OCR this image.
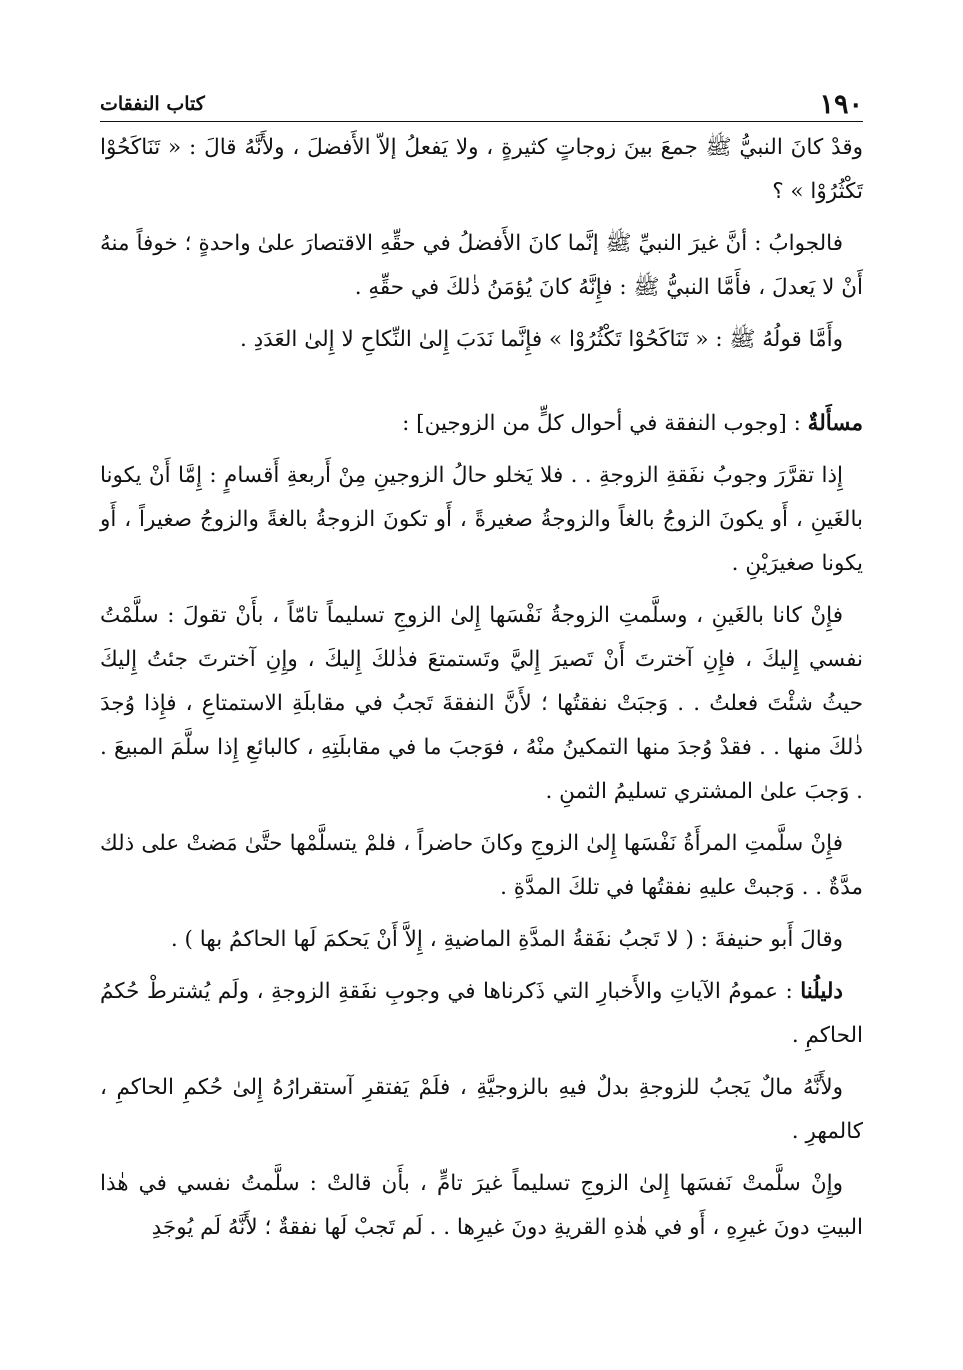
١٩٠
كتاب النفقات

وقدْ كانَ النبيُّ ﷺ جمعَ بينَ زوجاتٍ كثيرةٍ ، ولا يَفعلُ إلاّ الأَفضلَ ، ولأَنَّهُ قالَ : « تَنَاكَحُوْا تَكْثُرُوْا » ؟

فالجوابُ : أنَّ غيرَ النبيِّ ﷺ إنَّما كانَ الأَفضلُ في حقِّهِ الاقتصارَ علىٰ واحدةٍ ؛ خوفاً منهُ أَنْ لا يَعدلَ ، فأَمَّا النبيُّ ﷺ : فإِنَّهُ كانَ يُؤمَنُ ذٰلكَ في حقِّهِ .

وأَمَّا قولُهُ ﷺ : « تَنَاكَحُوْا تَكْثُرُوْا » فإِنَّما نَدَبَ إِلىٰ النِّكاحِ لا إِلىٰ العَدَدِ .

مسأَلةٌ : [وجوب النفقة في أحوال كلٍّ من الزوجين] :

إِذا تقرَّرَ وجوبُ نفَقةِ الزوجةِ . . فلا يَخلو حالُ الزوجينِ مِنْ أَربعةِ أَقسامٍ : إِمَّا أَنْ يكونا بالغَينِ ، أَو يكونَ الزوجُ بالغاً والزوجةُ صغيرةً ، أَو تكونَ الزوجةُ بالغةً والزوجُ صغيراً ، أَو يكونا صغيرَيْنِ .

فإِنْ كانا بالغَينِ ، وسلَّمتِ الزوجةُ نَفْسَها إِلىٰ الزوجِ تسليماً تامّاً ، بأَنْ تقولَ : سلَّمْتُ نفسي إِليكَ ، فإِنِ آخترتَ أَنْ تَصيرَ إِليَّ وتَستمتعَ فذٰلكَ إِليكَ ، وإِنِ آخترتَ جئتُ إِليكَ حيثُ شئْتَ فعلتُ . . وَجبَتْ نفقتُها ؛ لأَنَّ النفقةَ تَجبُ في مقابلَةِ الاستمتاعِ ، فإِذا وُجدَ ذٰلكَ منها . . فقدْ وُجدَ منها التمكينُ منْهُ ، فوَجبَ ما في مقابلَتِهِ ، كالبائعِ إِذا سلَّمَ المبيعَ . . وَجبَ علىٰ المشتري تسليمُ الثمنِ .

فإِنْ سلَّمتِ المرأَةُ نَفْسَها إِلىٰ الزوجِ وكانَ حاضراً ، فلمْ يتسلَّمْها حتَّىٰ مَضتْ على ذلك مدَّةٌ . . وَجبتْ عليهِ نفقتُها في تلكَ المدَّةِ .

وقالَ أَبو حنيفةَ : ( لا تَجبُ نفَقةُ المدَّةِ الماضيةِ ، إِلاَّ أَنْ يَحكمَ لَها الحاكمُ بها ) .

دليلُنا : عمومُ الآياتِ والأَخبارِ التي ذَكرناها في وجوبِ نفَقةِ الزوجةِ ، ولَم يُشترطْ حُكمُ الحاكمِ .

ولأَنَّهُ مالٌ يَجبُ للزوجةِ بدلٌ فيهِ بالزوجيَّةِ ، فلَمْ يَفتقرِ آستقرارُهُ إِلىٰ حُكمِ الحاكمِ ، كالمهرِ .

وإِنْ سلَّمتْ نَفسَها إِلىٰ الزوجِ تسليماً غيرَ تامٍّ ، بأَن قالتْ : سلَّمتُ نفسي في هٰذا البيتِ دونَ غيرِهِ ، أَو في هٰذهِ القريةِ دونَ غيرِها . . لَم تَجبْ لَها نفقةٌ ؛ لأَنَّهُ لَم يُوجَدِ
